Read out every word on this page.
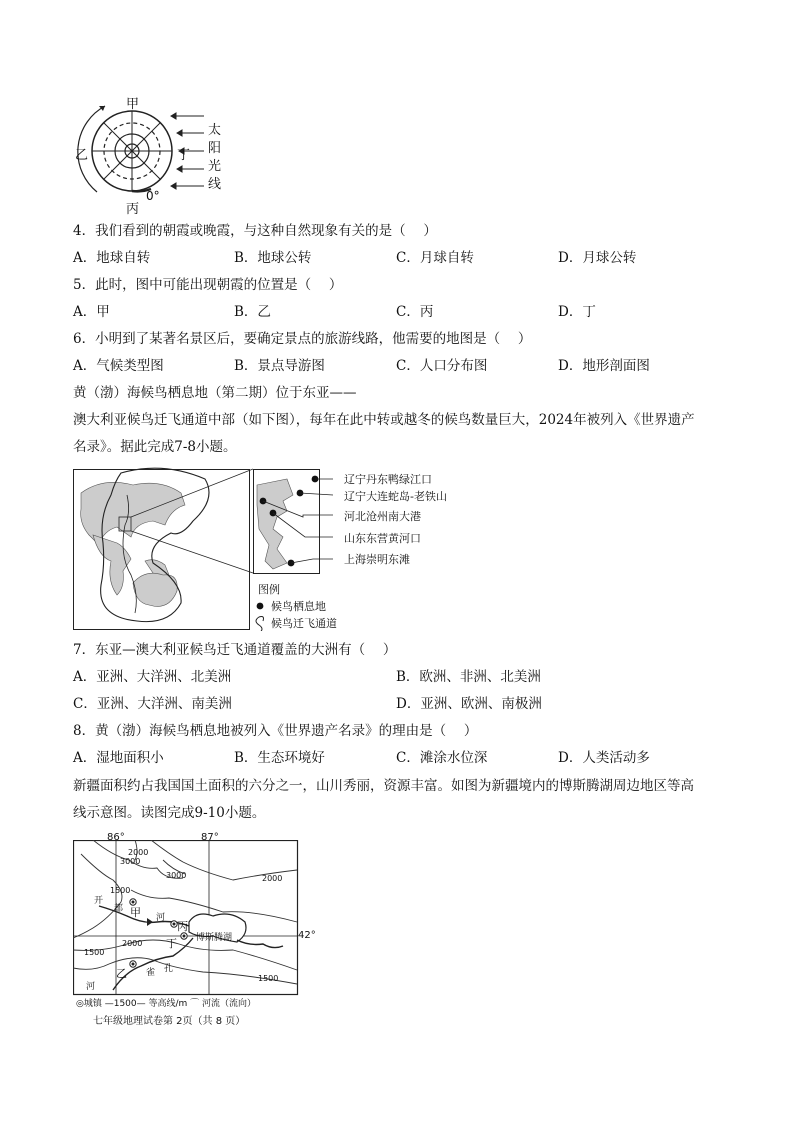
甲
乙
丙
丁
0°
太
阳
光
线
4．我们看到的朝霞或晚霞，与这种自然现象有关的是（　 ）
A．地球自转	B．地球公转	C．月球自转	D．月球公转
5．此时，图中可能出现朝霞的位置是（　 ）
A．甲	B．乙	C．丙	D．丁
6．小明到了某著名景区后，要确定景点的旅游线路，他需要的地图是（　 ）
A．气候类型图	B．景点导游图	C．人口分布图	D．地形剖面图
黄（渤）海候鸟栖息地（第二期）位于东亚——
澳大利亚候鸟迁飞通道中部（如下图），每年在此中转或越冬的候鸟数量巨大，2024年被列入《世界遗产
名录》。据此完成7-8小题。
辽宁丹东鸭绿江口
辽宁大连蛇岛-老铁山
河北沧州南大港
山东东营黄河口
上海崇明东滩
图例
候鸟栖息地
候鸟迁飞通道
7．东亚—澳大利亚候鸟迁飞通道覆盖的大洲有（　 ）
A．亚洲、大洋洲、北美洲	B．欧洲、非洲、北美洲
C．亚洲、大洋洲、南美洲	D．亚洲、欧洲、南极洲
8．黄（渤）海候鸟栖息地被列入《世界遗产名录》的理由是（　 ）
A．湿地面积小	B．生态环境好	C．滩涂水位深	D．人类活动多
新疆面积约占我国国土面积的六分之一，山川秀丽，资源丰富。如图为新疆境内的博斯腾湖周边地区等高
线示意图。读图完成9-10小题。
86°	87°
42°
2000
3000
3000	2000
1500
2000
1500
1500
甲
丙
丁
乙
博斯腾湖
开
都
河
孔
雀
河
◎城镇 —1500— 等高线/m ⌒ 河流（流向）
七年级地理试卷第 2页（共 8 页）
